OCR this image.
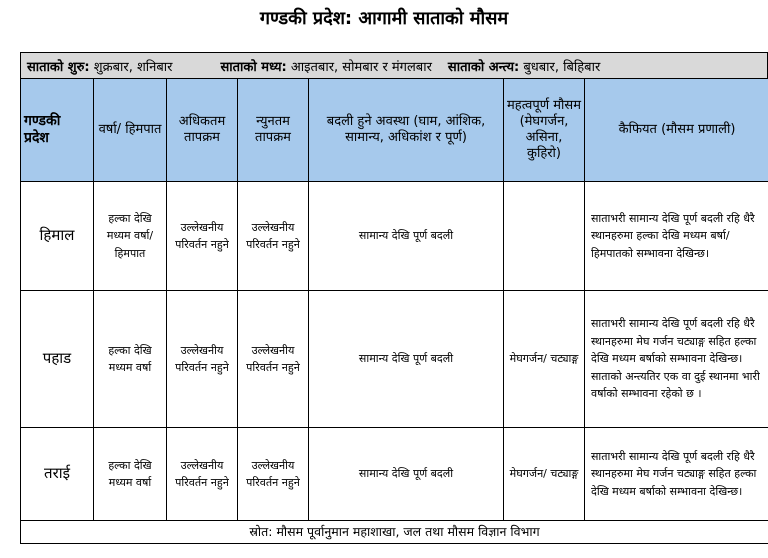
गण्डकी प्रदेश: आगामी साताको मौसम
साताको शुरु: शुक्रबार, शनिबार	साताको मध्य: आइतबार, सोमबार र मंगलबार साताको अन्त्य: बुधबार, बिहिबार
गण्डकी प्रदेश	वर्षा/ हिमपात	अधिकतम तापक्रम	न्युनतम तापक्रम	बदली हुने अवस्था (घाम, आंशिक, सामान्य, अधिकांश र पूर्ण)	महत्वपूर्ण मौसम (मेघगर्जन, असिना, कुहिरो)	कैफियत (मौसम प्रणाली)
हिमाल	हल्का देखि मध्यम वर्षा/ हिमपात	उल्लेखनीय परिवर्तन नहुने	उल्लेखनीय परिवर्तन नहुने	सामान्य देखि पूर्ण बदली		साताभरी सामान्य देखि पूर्ण बदली रहि धैरै स्थानहरुमा हल्का देखि मध्यम बर्षा/हिमपातको सम्भावना देखिन्छ।
पहाड	हल्का देखि मध्यम वर्षा	उल्लेखनीय परिवर्तन नहुने	उल्लेखनीय परिवर्तन नहुने	सामान्य देखि पूर्ण बदली	मेघगर्जन/ चट्याङ्ग	साताभरी सामान्य देखि पूर्ण बदली रहि धैरै स्थानहरुमा मेघ गर्जन चट्याङ्ग सहित हल्का देखि मध्यम बर्षाको सम्भावना देखिन्छ।साताको अन्त्यतिर एक वा दुई स्थानमा भारी वर्षाको सम्भावना रहेको छ ।
तराई	हल्का देखि मध्यम वर्षा	उल्लेखनीय परिवर्तन नहुने	उल्लेखनीय परिवर्तन नहुने	सामान्य देखि पूर्ण बदली	मेघगर्जन/ चट्याङ्ग	साताभरी सामान्य देखि पूर्ण बदली रहि धैरै स्थानहरुमा मेघ गर्जन चट्याङ्ग सहित हल्का देखि मध्यम बर्षाको सम्भावना देखिन्छ।
स्रोत: मौसम पूर्वानुमान महाशाखा, जल तथा मौसम विज्ञान विभाग
